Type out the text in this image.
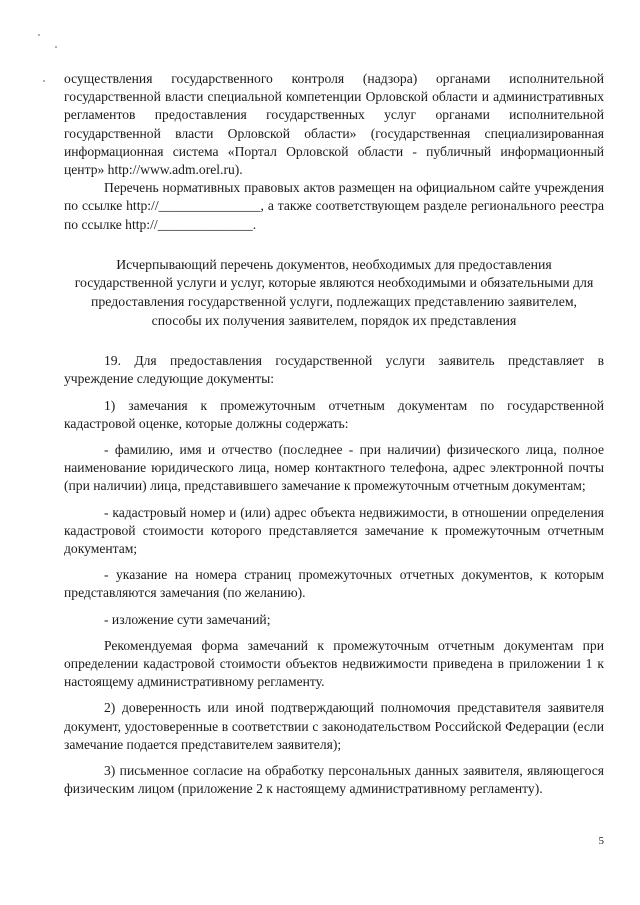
осуществления государственного контроля (надзора) органами исполнительной государственной власти специальной компетенции Орловской области и административных регламентов предоставления государственных услуг органами исполнительной государственной власти Орловской области» (государственная специализированная информационная система «Портал Орловской области - публичный информационный центр» http://www.adm.orel.ru).

Перечень нормативных правовых актов размещен на официальном сайте учреждения по ссылке http://_______________, а также соответствующем разделе регионального реестра по ссылке http://______________.

Исчерпывающий перечень документов, необходимых для предоставления государственной услуги и услуг, которые являются необходимыми и обязательными для предоставления государственной услуги, подлежащих представлению заявителем, способы их получения заявителем, порядок их представления

19. Для предоставления государственной услуги заявитель представляет в учреждение следующие документы:

1) замечания к промежуточным отчетным документам по государственной кадастровой оценке, которые должны содержать:

- фамилию, имя и отчество (последнее - при наличии) физического лица, полное наименование юридического лица, номер контактного телефона, адрес электронной почты (при наличии) лица, представившего замечание к промежуточным отчетным документам;

- кадастровый номер и (или) адрес объекта недвижимости, в отношении определения кадастровой стоимости которого представляется замечание к промежуточным отчетным документам;

- указание на номера страниц промежуточных отчетных документов, к которым представляются замечания (по желанию).

- изложение сути замечаний;

Рекомендуемая форма замечаний к промежуточным отчетным документам при определении кадастровой стоимости объектов недвижимости приведена в приложении 1 к настоящему административному регламенту.

2) доверенность или иной подтверждающий полномочия представителя заявителя документ, удостоверенные в соответствии с законодательством Российской Федерации (если замечание подается представителем заявителя);

3) письменное согласие на обработку персональных данных заявителя, являющегося физическим лицом (приложение 2 к настоящему административному регламенту).

5
